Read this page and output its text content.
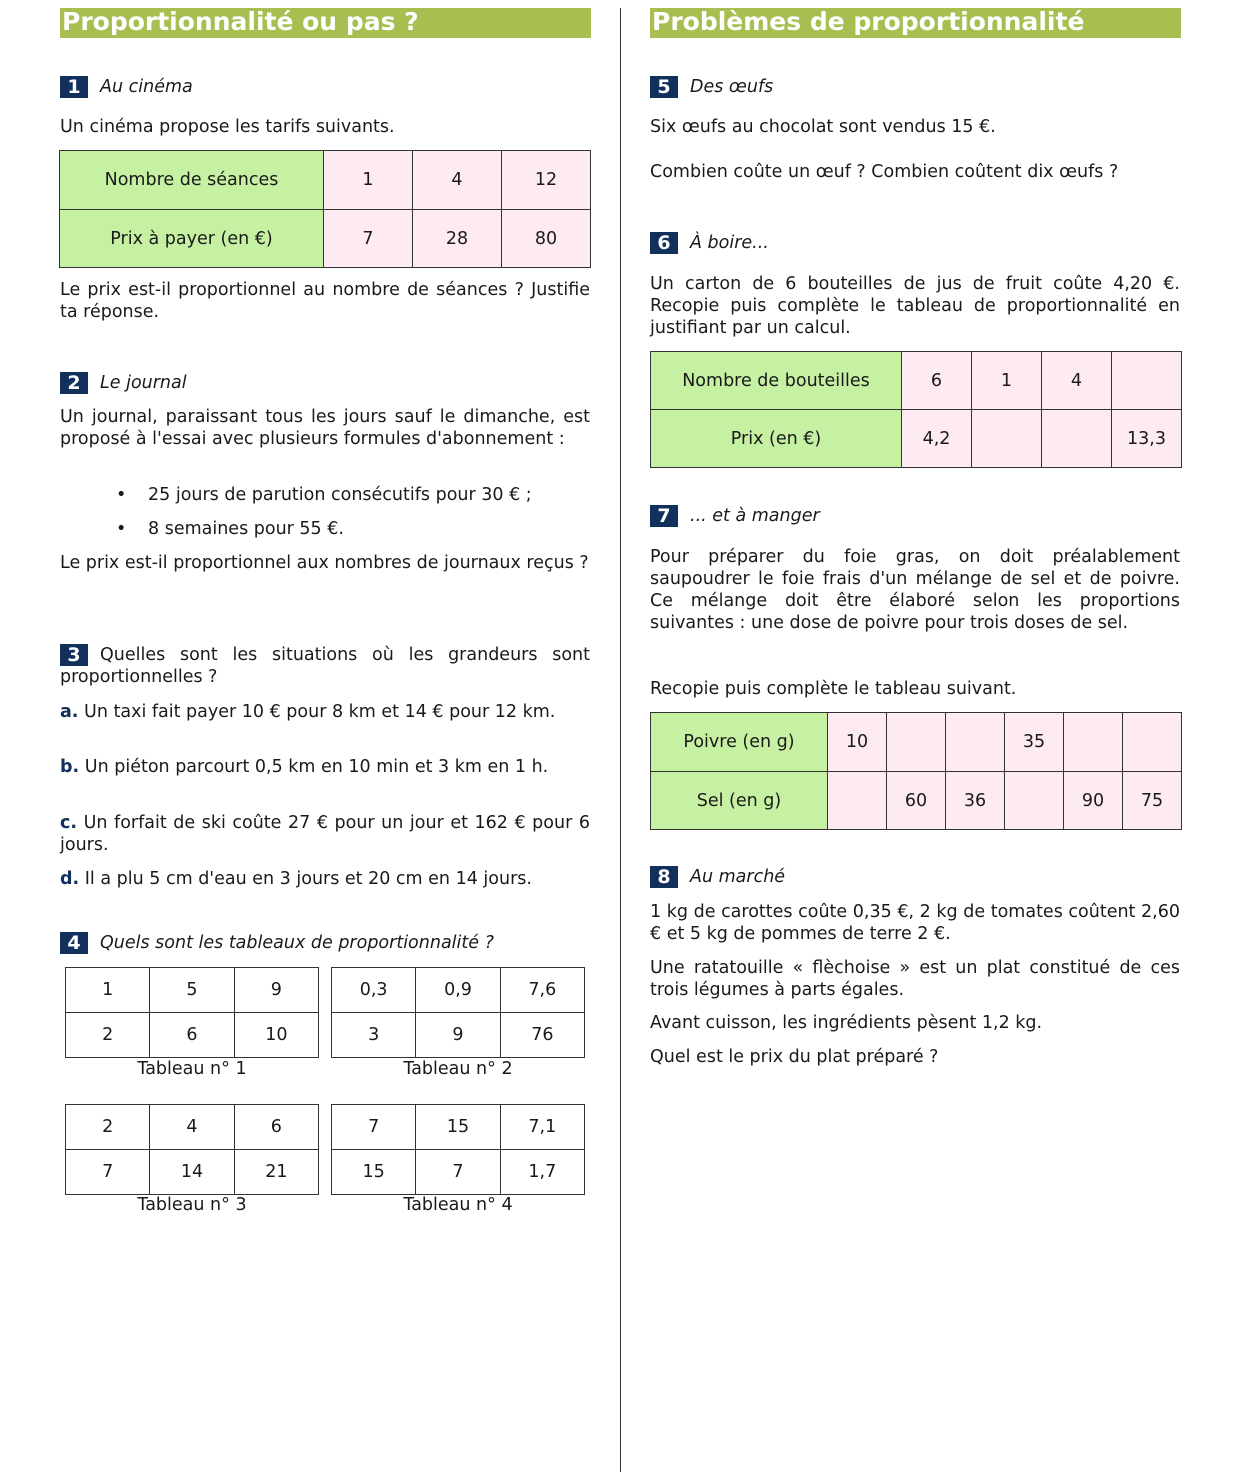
Proportionnalité ou pas ?	Problèmes de proportionnalité
1 Au cinéma
Un cinéma propose les tarifs suivants.
Nombre de séances	1	4	12
Prix à payer (en €)	7	28	80
Le prix est-il proportionnel au nombre de séances ? Justifie ta réponse.
2 Le journal
Un journal, paraissant tous les jours sauf le dimanche, est proposé à l'essai avec plusieurs formules d'abonnement :
• 25 jours de parution consécutifs pour 30 € ;
• 8 semaines pour 55 €.
Le prix est-il proportionnel aux nombres de journaux reçus ?
3 Quelles sont les situations où les grandeurs sont proportionnelles ?
a. Un taxi fait payer 10 € pour 8 km et 14 € pour 12 km.
b. Un piéton parcourt 0,5 km en 10 min et 3 km en 1 h.
c. Un forfait de ski coûte 27 € pour un jour et 162 € pour 6 jours.
d. Il a plu 5 cm d'eau en 3 jours et 20 cm en 14 jours.
4 Quels sont les tableaux de proportionnalité ?
1	5	9
2	6	10
Tableau n° 1
0,3	0,9	7,6
3	9	76
Tableau n° 2
2	4	6
7	14	21
Tableau n° 3
7	15	7,1
15	7	1,7
Tableau n° 4
5 Des œufs
Six œufs au chocolat sont vendus 15 €.
Combien coûte un œuf ? Combien coûtent dix œufs ?
6 À boire...
Un carton de 6 bouteilles de jus de fruit coûte 4,20 €. Recopie puis complète le tableau de proportionnalité en justifiant par un calcul.
Nombre de bouteilles	6	1	4	
Prix (en €)	4,2			13,3
7 ... et à manger
Pour préparer du foie gras, on doit préalablement saupoudrer le foie frais d'un mélange de sel et de poivre. Ce mélange doit être élaboré selon les proportions suivantes : une dose de poivre pour trois doses de sel.
Recopie puis complète le tableau suivant.
Poivre (en g)	10			35		
Sel (en g)		60	36		90	75
8 Au marché
1 kg de carottes coûte 0,35 €, 2 kg de tomates coûtent 2,60 € et 5 kg de pommes de terre 2 €.
Une ratatouille « flèchoise » est un plat constitué de ces trois légumes à parts égales.
Avant cuisson, les ingrédients pèsent 1,2 kg.
Quel est le prix du plat préparé ?
